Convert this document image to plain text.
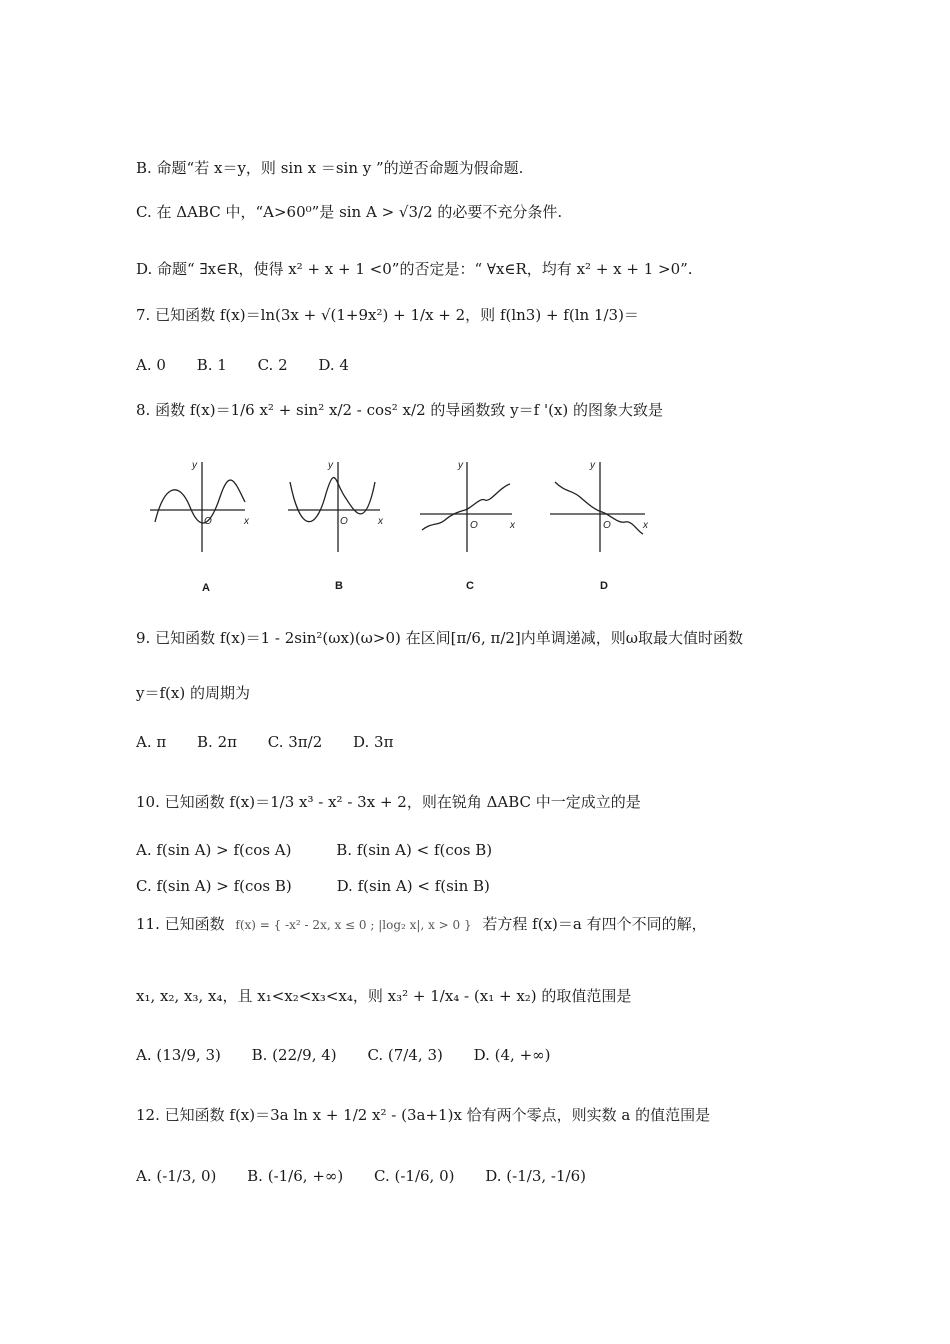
B. 命题“若 x＝y，则 sin x ＝sin y ”的逆否命题为假命题.
C. 在 ΔABC 中，“A>60⁰”是 sin A > √3/2 的必要不充分条件.
D. 命题“ ∃x∈R，使得 x² + x + 1 <0”的否定是：“ ∀x∈R，均有 x² + x + 1 >0”.
7. 已知函数 f(x)＝ln(3x + √(1+9x²) + 1/x + 2，则 f(ln3) + f(ln 1/3)＝
A. 0 B. 1 C. 2 D. 4
8. 函数 f(x)＝1/6 x² + sin² x/2 - cos² x/2 的导函数致 y＝f '(x) 的图象大致是
y
x
O
y
x
O
y
x
O
y
x
O
A	B	C	D
9. 已知函数 f(x)＝1 - 2sin²(ωx)(ω>0) 在区间[π/6, π/2]内单调递减，则ω取最大值时函数
y＝f(x) 的周期为
A. π B. 2π C. 3π/2 D. 3π
10. 已知函数 f(x)＝1/3 x³ - x² - 3x + 2，则在锐角 ΔABC 中一定成立的是
A. f(sin A) > f(cos A)	B. f(sin A) < f(cos B)
C. f(sin A) > f(cos B)	D. f(sin A) < f(sin B)
11. 已知函数 f(x) = { -x² - 2x, x ≤ 0 ; |log₂ x|, x > 0 } 若方程 f(x)＝a 有四个不同的解，
x₁, x₂, x₃, x₄，且 x₁<x₂<x₃<x₄，则 x₃² + 1/x₄ - (x₁ + x₂) 的取值范围是
A. (13/9, 3) B. (22/9, 4) C. (7/4, 3) D. (4, +∞)
12. 已知函数 f(x)＝3a ln x + 1/2 x² - (3a+1)x 恰有两个零点，则实数 a 的值范围是
A. (-1/3, 0) B. (-1/6, +∞) C. (-1/6, 0) D. (-1/3, -1/6)
